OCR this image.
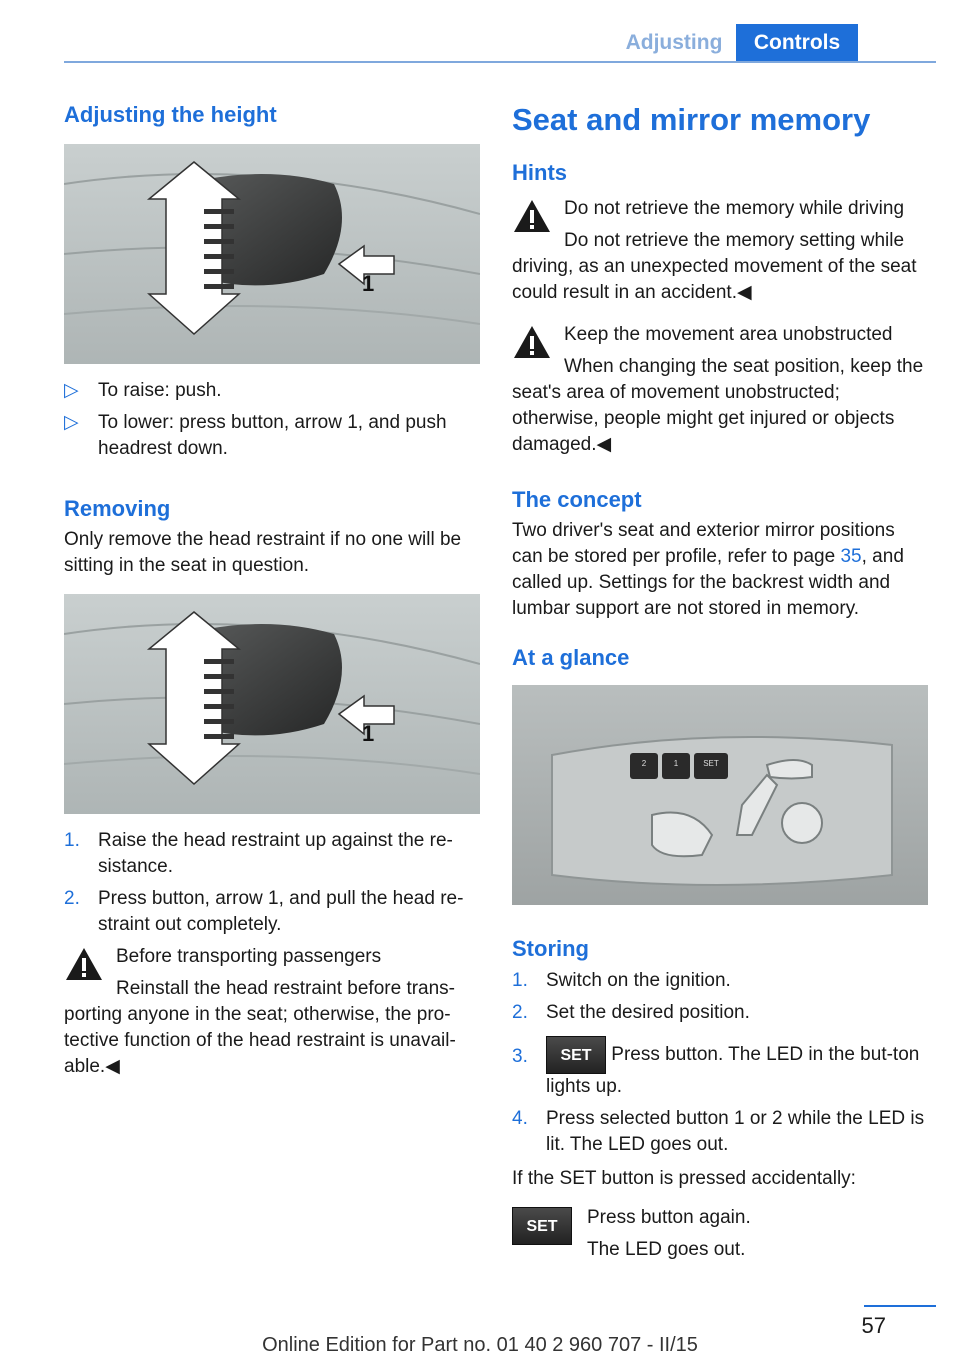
Adjusting	Controls
Adjusting the height
1
▷ To raise: push.
▷ To lower: press button, arrow 1, and push headrest down.
Removing
Only remove the head restraint if no one will be sitting in the seat in question.
1
1. Raise the head restraint up against the re-sistance.
2. Press button, arrow 1, and pull the head re-straint out completely.
Before transporting passengers
Reinstall the head restraint before trans-porting anyone in the seat; otherwise, the pro-tective function of the head restraint is unavail-able.◀
Seat and mirror memory
Hints
Do not retrieve the memory while driving
Do not retrieve the memory setting while driving, as an unexpected movement of the seat could result in an accident.◀
Keep the movement area unobstructed
When changing the seat position, keep the seat's area of movement unobstructed; otherwise, people might get injured or objects damaged.◀
The concept
Two driver's seat and exterior mirror positions can be stored per profile, refer to page 35, and called up. Settings for the backrest width and lumbar support are not stored in memory.
At a glance
2	1	SET
Storing
1. Switch on the ignition.
2. Set the desired position.
3. SET Press button. The LED in the but-ton lights up.
4. Press selected button 1 or 2 while the LED is lit. The LED goes out.
If the SET button is pressed accidentally:
SET	Press button again.
The LED goes out.
57
Online Edition for Part no. 01 40 2 960 707 - II/15
